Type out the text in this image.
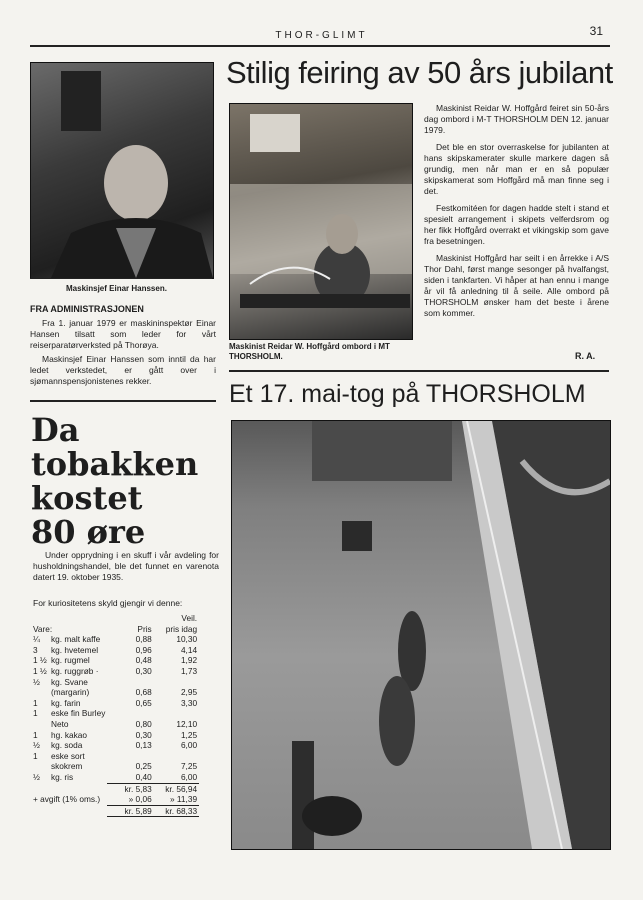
THOR-GLIMT	31
Maskinsjef Einar Hanssen.
FRA ADMINISTRASJONEN
Fra 1. januar 1979 er maskininspektør Einar Hansen tilsatt som leder for vårt reiserparatørverksted på Thorøya.
Maskinsjef Einar Hanssen som inntil da har ledet verkstedet, er gått over i sjømannspensjonistenes rekker.
Stilig feiring av 50 års jubilant
Maskinist Reidar W. Hoffgård ombord i MT THORSHOLM.

Maskinist Reidar W. Hoffgård feiret sin 50-års dag ombord i M-T THORSHOLM DEN 12. januar 1979.

Det ble en stor overraskelse for jubilanten at hans skipskamerater skulle markere dagen så grundig, men når man er en så populær skipskamerat som Hoffgård må man finne seg i det.

Festkomitéen for dagen hadde stelt i stand et spesielt arrangement i skipets velferdsrom og her fikk Hoffgård overrakt et vikingskip som gave fra besetningen.

Maskinist Hoffgård har seilt i en årrekke i A/S Thor Dahl, først mange sesonger på hvalfangst, siden i tankfarten. Vi håper at han ennu i mange år vil få anledning til å seile. Alle ombord på THORSHOLM ønsker ham det beste i årene som kommer.

R. A.
Et 17. mai-tog på THORSHOLM
Da
tobakken
kostet
80 øre
Under opprydning i en skuff i vår avdeling for husholdningshandel, ble det funnet en varenota datert 19. oktober 1935.
For kuriositetens skyld gjengir vi denne:
			Veil.
Vare:		Pris	pris idag
¼	kg. malt kaffe	0,88	10,30
3	kg. hvetemel	0,96	4,14
1 ½	kg. rugmel	0,48	1,92
1 ½	kg. ruggrøb ·	0,30	1,73
½	kg. Svane		
	(margarin)	0,68	2,95
1	kg. farin	0,65	3,30
1	eske fin Burley		
	Neto	0,80	12,10
1	hg. kakao	0,30	1,25
½	kg. soda	0,13	6,00
1	eske sort		
	skokrem	0,25	7,25
½	kg. ris	0,40	6,00
		kr. 5,83	kr. 56,94
+ avgift (1% oms.)		» 0,06	» 11,39
		kr. 5,89	kr. 68,33
